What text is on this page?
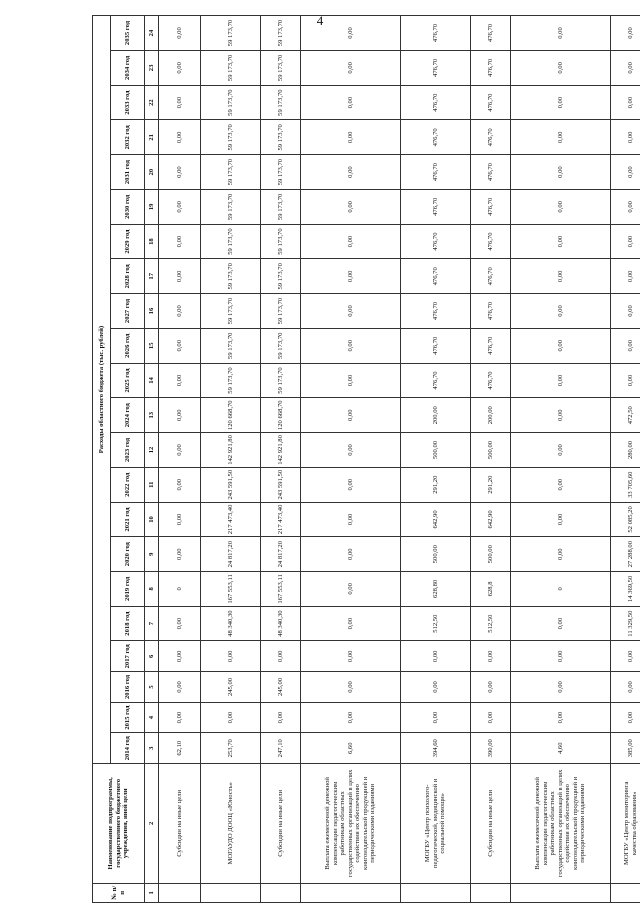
4
№ п/п	Наименование подпрограммы, государственного бюджетного учреждения, иной цели	Расходы областного бюджета (тыс. рублей)																					
		2014 год	2015 год	2016 год	2017 год	2018 год	2019 год	2020 год	2021 год	2022 год	2023 год	2024 год	2025 год	2026 год	2027 год	2028 год	2029 год	2030 год	2031 год	2032 год	2033 год	2034 год	2035 год
1	2	3	4	5	6	7	8	9	10	11	12	13	14	15	16	17	18	19	20	21	22	23	24
	Субсидии на иные цели	62,10	0,00	0,00	0,00	0,00	0	0,00	0,00	0,00	0,00	0,00	0,00	0,00	0,00	0,00	0,00	0,00	0,00	0,00	0,00	0,00	0,00
	МОГАУДО ДООЦ «Юность»	253,70	0,00	245,00	0,00	48 340,30	167 553,11	24 817,20	217 473,40	243 591,50	142 921,80	120 668,70	59 173,70	59 173,70	59 173,70	59 173,70	59 173,70	59 173,70	59 173,70	59 173,70	59 173,70	59 173,70	59 173,70
	Субсидии на иные цели	247,10	0,00	245,00	0,00	48 340,30	167 553,11	24 817,20	217 473,40	243 591,50	142 921,80	120 668,70	59 173,70	59 173,70	59 173,70	59 173,70	59 173,70	59 173,70	59 173,70	59 173,70	59 173,70	59 173,70	59 173,70
	Выплата ежемесячной денежной компенсации педагогическим работникам областных государственных организаций в целях содействия их обеспечению книгоиздательской продукцией и периодическими изданиями	6,60	0,00	0,00	0,00	0,00	0,00	0,00	0,00	0,00	0,00	0,00	0,00	0,00	0,00	0,00	0,00	0,00	0,00	0,00	0,00	0,00	0,00
	МОГБУ «Центр психолого-педагогической, медицинской и социальной помощи»	394,60	0,00	0,00	0,00	512,50	628,80	500,00	642,90	291,20	500,00	200,00	476,70	476,70	476,70	476,70	476,70	476,70	476,70	476,70	476,70	476,70	476,70
	Субсидии на иные цели	390,00	0,00	0,00	0,00	512,50	628,8	500,00	642,90	291,20	500,00	200,00	476,70	476,70	476,70	476,70	476,70	476,70	476,70	476,70	476,70	476,70	476,70
	Выплата ежемесячной денежной компенсации педагогическим работникам областных государственных организаций в целях содействия их обеспечению книгоиздательской продукцией и периодическими изданиями	4,60	0,00	0,00	0,00	0,00	0	0,00	0,00	0,00	0,00	0,00	0,00	0,00	0,00	0,00	0,00	0,00	0,00	0,00	0,00	0,00	0,00
	МОГБУ «Центр мониторинга качества образования»	385,00	0,00	0,00	0,00	11 329,50	14 369,50	27 288,00	52 085,20	33 705,60	280,00	472,50	0,00	0,00	0,00	0,00	0,00	0,00	0,00	0,00	0,00	0,00	0,00
